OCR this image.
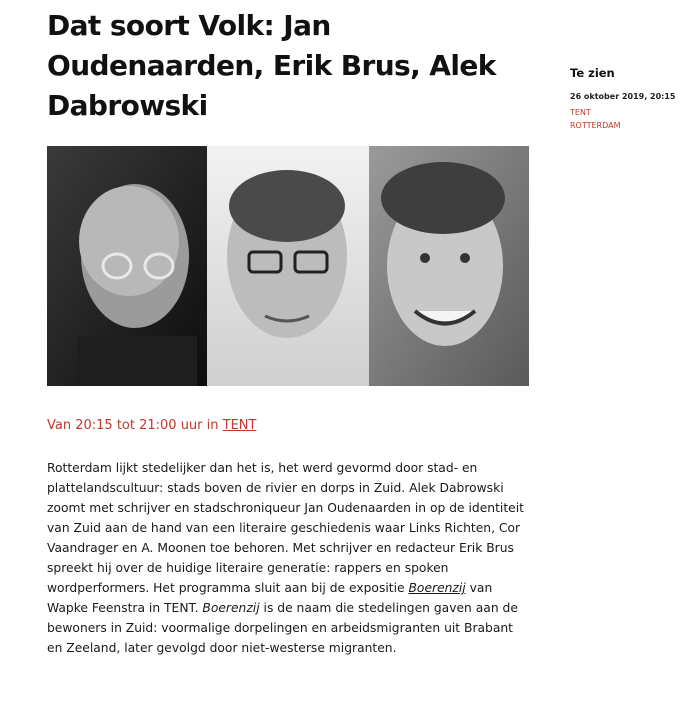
Dat soort Volk: Jan Oudenaarden, Erik Brus, Alek Dabrowski

Van 20:15 tot 21:00 uur in TENT

Rotterdam lijkt stedelijker dan het is, het werd gevormd door stad- en plattelandscultuur: stads boven de rivier en dorps in Zuid. Alek Dabrowski zoomt met schrijver en stadschroniqueur Jan Oudenaarden in op de identiteit van Zuid aan de hand van een literaire geschiedenis waar Links Richten, Cor Vaandrager en A. Moonen toe behoren. Met schrijver en redacteur Erik Brus spreekt hij over de huidige literaire generatie: rappers en spoken wordperformers. Het programma sluit aan bij de expositie Boerenzij van Wapke Feenstra in TENT. Boerenzij is de naam die stedelingen gaven aan de bewoners in Zuid: voormalige dorpelingen en arbeidsmigranten uit Brabant en Zeeland, later gevolgd door niet-westerse migranten.

Te zien

26 oktober 2019, 20:15

TENT
ROTTERDAM
